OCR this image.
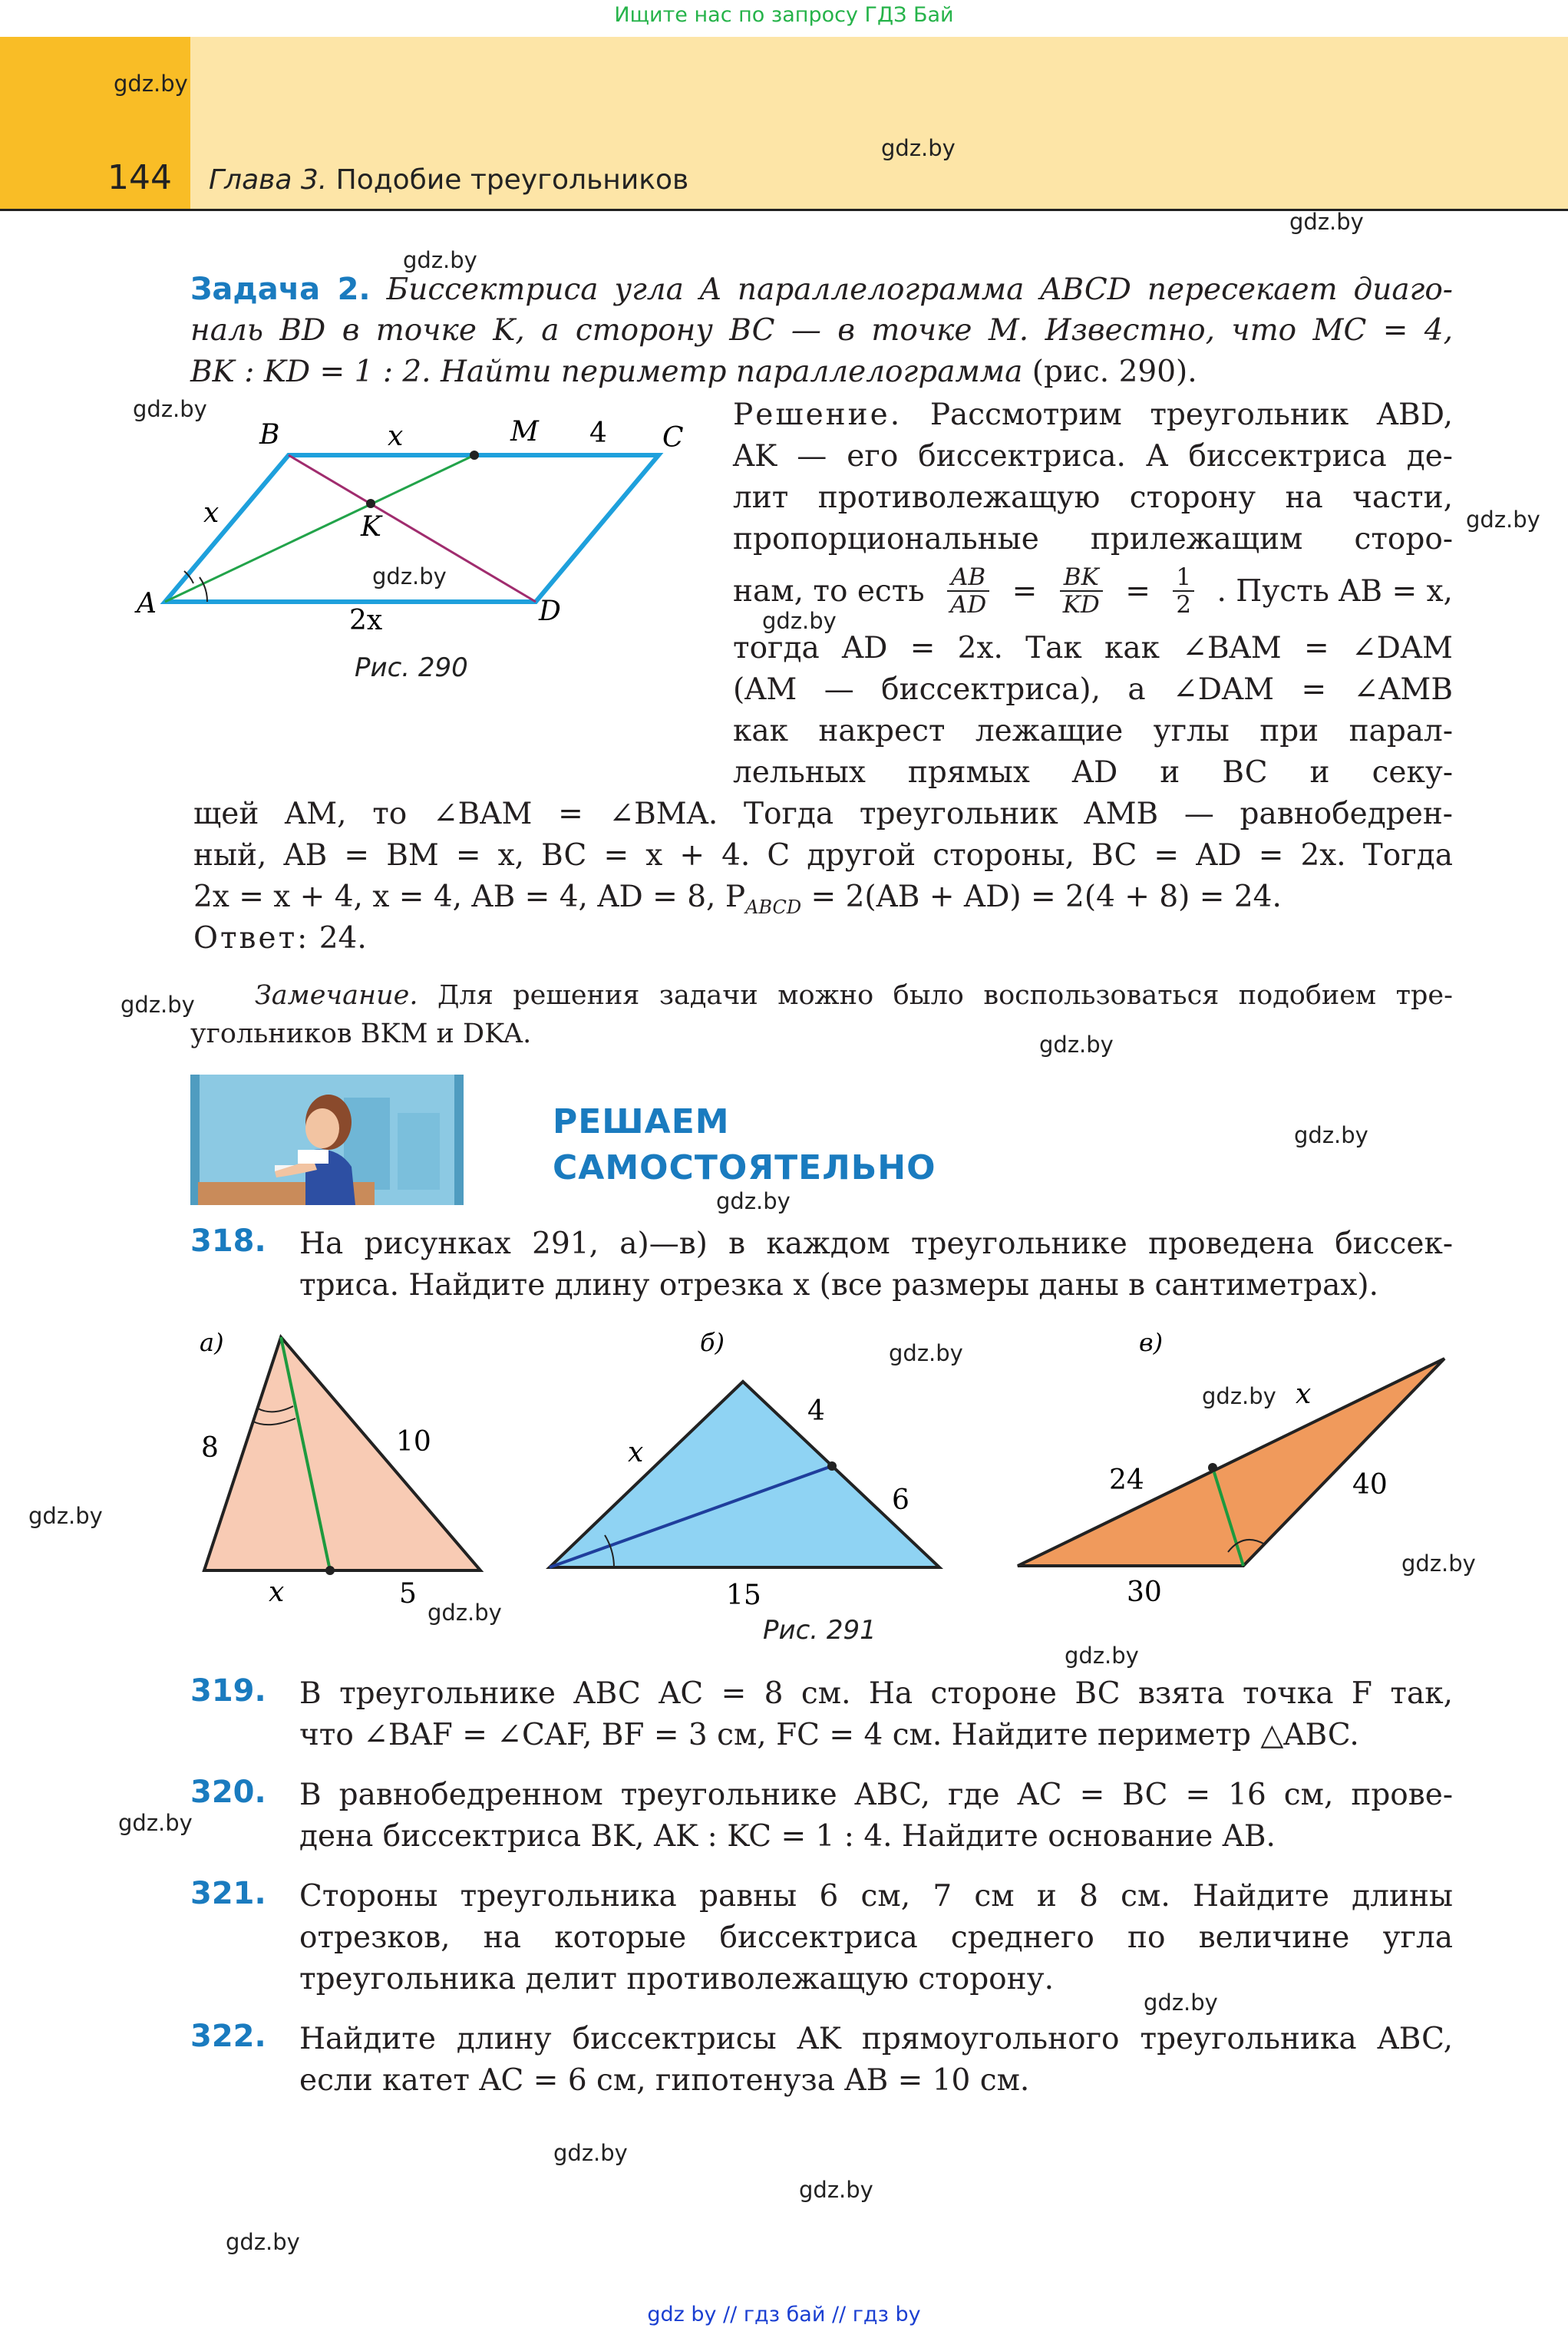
Ищите нас по запросу ГДЗ Бай
144 Глава 3. Подобие треугольников
gdz.by
gdz.by
gdz.by
gdz.by
gdz.by
gdz.by
gdz.by
gdz.by
gdz.by
gdz.by
gdz.by
gdz.by
gdz.by
gdz.by
gdz.by
gdz.by
gdz.by
gdz.by
gdz.by
gdz.by
gdz.by
gdz.by
gdz.by
Задача 2. Биссектриса угла A параллелограмма ABCD пересекает диаго-
наль BD в точке K, а сторону BC — в точке M. Известно, что MC = 4,
BK : KD = 1 : 2. Найти периметр параллелограмма (рис. 290).
A
B	C
D
K
M
x	4
x
2x
Рис. 290
Решение. Рассмотрим треугольник ABD,
AK — его биссектриса. А биссектриса де-
лит противолежащую сторону на части,
пропорциональные прилежащим сторо-
нам, то есть $\frac{AB}{AD} = \frac{BK}{KD} = \frac{1}{2}$ . Пусть AB = x,
тогда AD = 2x. Так как ∠BAM = ∠DAM
(AM — биссектриса), а ∠DAM = ∠AMB
как накрест лежащие углы при парал-
лельных прямых AD и BC и секу-
щей AM, то ∠BAM = ∠BMA. Тогда треугольник AMB — равнобедрен-
ный, AB = BM = x, BC = x + 4. С другой стороны, BC = AD = 2x. Тогда
2x = x + 4, x = 4, AB = 4, AD = 8, $P_{ABCD} = 2(AB + AD) = 2(4 + 8) = 24$.
Ответ: 24.
Замечание. Для решения задачи можно было воспользоваться подобием тре-
угольников BKM и DKA.
РЕШАЕМ
САМОСТОЯТЕЛЬНО
318. На рисунках 291, а)—в) в каждом треугольнике проведена биссек-
триса. Найдите длину отрезка x (все размеры даны в сантиметрах).
а)
8	10
x	5
б)
4
6
x
15
в)
x
24	40
30
Рис. 291
319. В треугольнике ABC AC = 8 см. На стороне BC взята точка F так,
что ∠BAF = ∠CAF, BF = 3 см, FC = 4 см. Найдите периметр △ABC.
320. В равнобедренном треугольнике ABC, где AC = BC = 16 см, прове-
дена биссектриса BK, AK : KC = 1 : 4. Найдите основание AB.
321. Стороны треугольника равны 6 см, 7 см и 8 см. Найдите длины
отрезков, на которые биссектриса среднего по величине угла
треугольника делит противолежащую сторону.
322. Найдите длину биссектрисы AK прямоугольного треугольника ABC,
если катет AC = 6 см, гипотенуза AB = 10 см.
gdz by // гдз бай // гдз by
